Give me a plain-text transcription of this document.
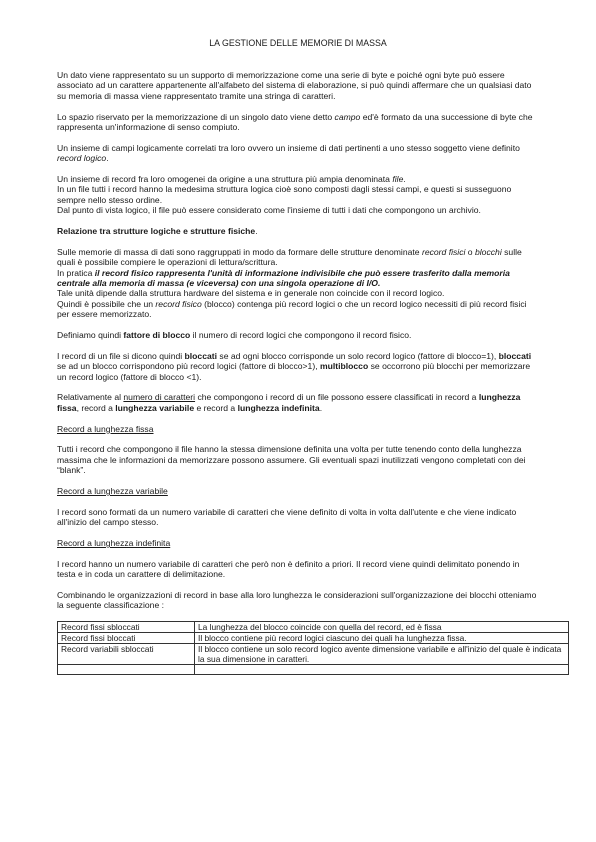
LA GESTIONE DELLE MEMORIE DI MASSA

Un dato viene rappresentato su un supporto di memorizzazione come una serie di byte e poiché ogni byte può essere associato ad un carattere appartenente all'alfabeto del sistema di elaborazione, si può quindi affermare che un qualsiasi dato su memoria di massa viene rappresentato tramite una stringa di caratteri.

Lo spazio riservato per la memorizzazione di un singolo dato viene detto campo ed'è formato da una successione di byte che rappresenta un'informazione di senso compiuto.

Un insieme di campi logicamente correlati tra loro ovvero un insieme di dati pertinenti a uno stesso soggetto viene definito record logico.

Un insieme di record fra loro omogenei da origine a una struttura più ampia denominata file.
In un file tutti i record hanno la medesima struttura logica cioè sono composti dagli stessi campi, e questi si susseguono sempre nello stesso ordine.
Dal punto di vista logico, il file può essere considerato come l'insieme di tutti i dati che compongono un archivio.

Relazione tra strutture logiche e strutture fisiche.

Sulle memorie di massa di dati sono raggruppati in modo da formare delle strutture denominate record fisici o blocchi sulle quali è possibile compiere le operazioni di lettura/scrittura.
In pratica il record fisico rappresenta l'unità di informazione indivisibile che può essere trasferito dalla memoria centrale alla memoria di massa (e viceversa) con una singola operazione di I/O.
Tale unità dipende dalla struttura hardware del sistema e in generale non coincide con il record logico.
Quindi è possibile che un record fisico (blocco) contenga più record logici o che un record logico necessiti di più record fisici per essere memorizzato.

Definiamo quindi fattore di blocco il numero di record logici che compongono il record fisico.

I record di un file si dicono quindi bloccati se ad ogni blocco corrisponde un solo record logico (fattore di blocco=1), bloccati se ad un blocco corrispondono più record logici (fattore di blocco>1), multiblocco se occorrono più blocchi per memorizzare un record logico (fattore di blocco <1).

Relativamente al numero di caratteri che compongono i record di un file possono essere classificati in record a lunghezza fissa, record a lunghezza variabile e record a lunghezza indefinita.

Record a lunghezza fissa

Tutti i record che compongono il file hanno la stessa dimensione definita una volta per tutte tenendo conto della lunghezza massima che le informazioni da memorizzare possono assumere. Gli eventuali spazi inutilizzati vengono completati con dei “blank”.

Record a lunghezza variabile

I record sono formati da un numero variabile di caratteri che viene definito di volta in volta dall'utente e che viene indicato all'inizio del campo stesso.

Record a lunghezza indefinita

I record hanno un numero variabile di caratteri che però non è definito a priori. Il record viene quindi delimitato ponendo in testa e in coda un carattere di delimitazione.

Combinando le organizzazioni di record in base alla loro lunghezza le considerazioni sull'organizzazione dei blocchi otteniamo la seguente classificazione :

Record fissi sbloccati	La lunghezza del blocco coincide con quella del record, ed è fissa
Record fissi bloccati	Il blocco contiene più record logici ciascuno dei quali ha lunghezza fissa.
Record variabili sbloccati	Il blocco contiene un solo record logico avente dimensione variabile e all'inizio del quale è indicata la sua dimensione in caratteri.
